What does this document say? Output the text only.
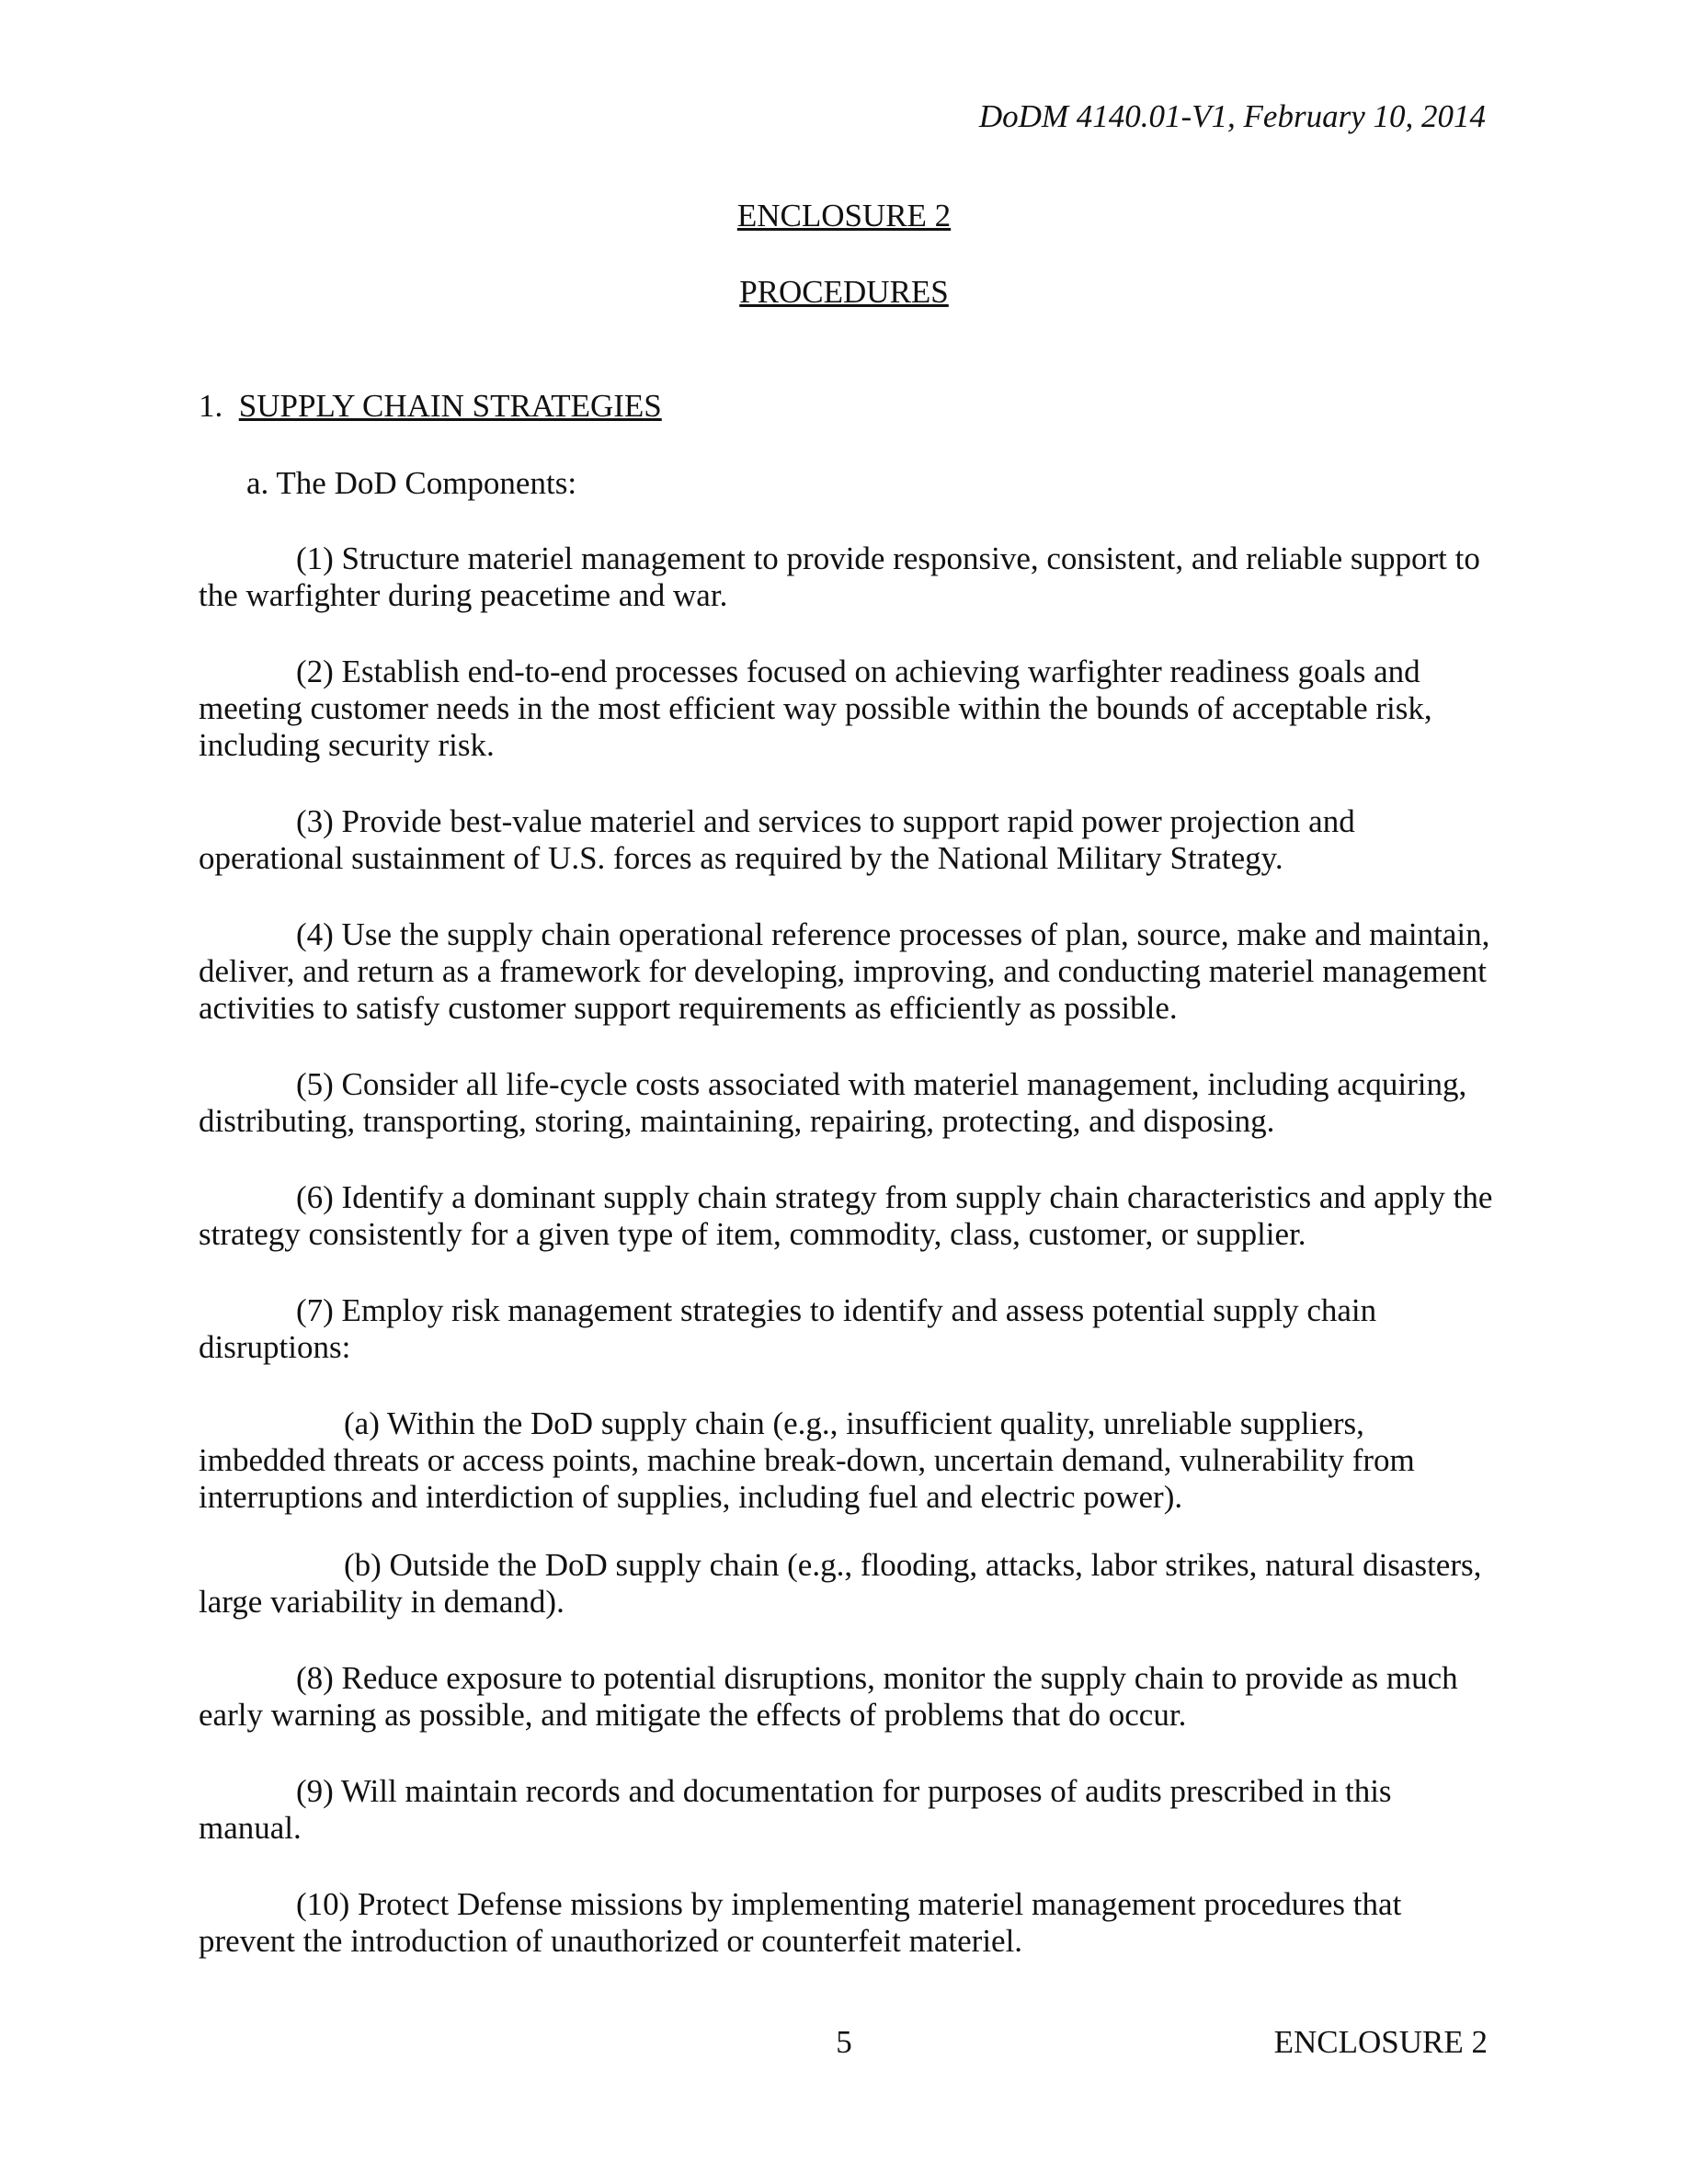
DoDM 4140.01-V1, February 10, 2014
ENCLOSURE 2
PROCEDURES
1. SUPPLY CHAIN STRATEGIES
a. The DoD Components:
(1) Structure materiel management to provide responsive, consistent, and reliable support to the warfighter during peacetime and war.
(2) Establish end-to-end processes focused on achieving warfighter readiness goals and meeting customer needs in the most efficient way possible within the bounds of acceptable risk, including security risk.
(3) Provide best-value materiel and services to support rapid power projection and operational sustainment of U.S. forces as required by the National Military Strategy.
(4) Use the supply chain operational reference processes of plan, source, make and maintain, deliver, and return as a framework for developing, improving, and conducting materiel management activities to satisfy customer support requirements as efficiently as possible.
(5) Consider all life-cycle costs associated with materiel management, including acquiring, distributing, transporting, storing, maintaining, repairing, protecting, and disposing.
(6) Identify a dominant supply chain strategy from supply chain characteristics and apply the strategy consistently for a given type of item, commodity, class, customer, or supplier.
(7) Employ risk management strategies to identify and assess potential supply chain disruptions:
(a) Within the DoD supply chain (e.g., insufficient quality, unreliable suppliers, imbedded threats or access points, machine break-down, uncertain demand, vulnerability from interruptions and interdiction of supplies, including fuel and electric power).
(b) Outside the DoD supply chain (e.g., flooding, attacks, labor strikes, natural disasters, large variability in demand).
(8) Reduce exposure to potential disruptions, monitor the supply chain to provide as much early warning as possible, and mitigate the effects of problems that do occur.
(9) Will maintain records and documentation for purposes of audits prescribed in this manual.
(10) Protect Defense missions by implementing materiel management procedures that prevent the introduction of unauthorized or counterfeit materiel.
5	ENCLOSURE 2
